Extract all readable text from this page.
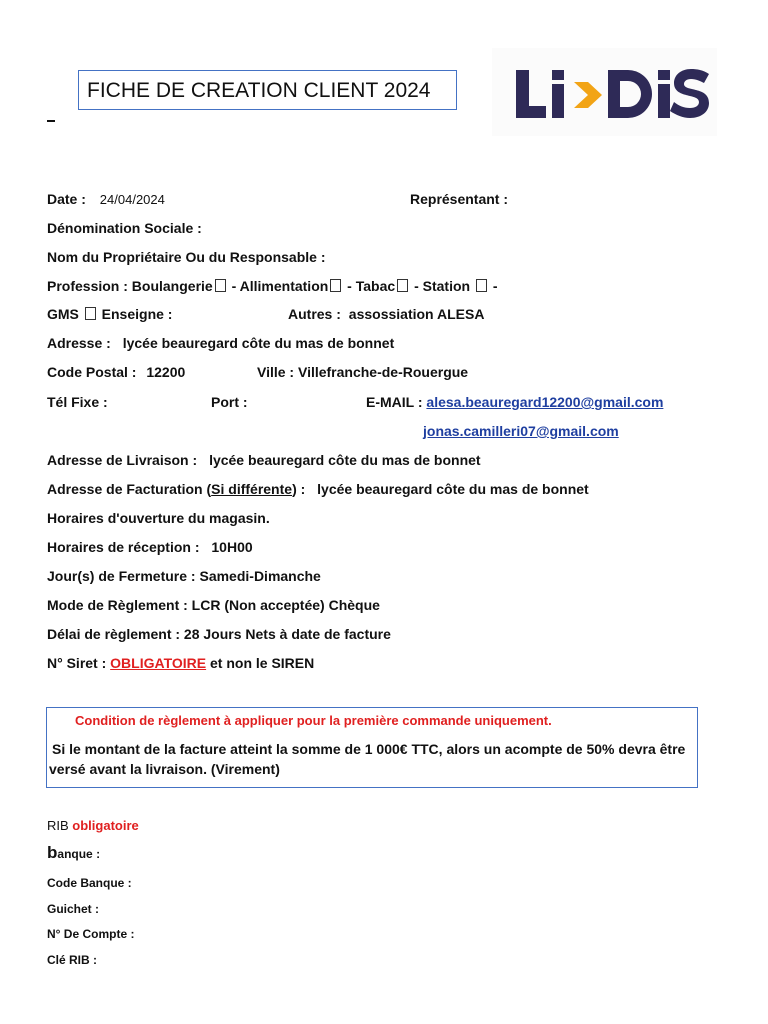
FICHE DE CREATION CLIENT 2024
Date : 24/04/2024	Représentant :
Dénomination Sociale :
Nom du Propriétaire Ou du Responsable :
Profession : Boulangerie - Allimentation - Tabac - Station  -
GMS Enseigne :	Autres : assossiation ALESA
Adresse : lycée beauregard côte du mas de bonnet
Code Postal : 12200	Ville : Villefranche-de-Rouergue
Tél Fixe :	Port :	E-MAIL : alesa.beauregard12200@gmail.com
jonas.camilleri07@gmail.com
Adresse de Livraison : lycée beauregard côte du mas de bonnet
Adresse de Facturation (Si différente) : lycée beauregard côte du mas de bonnet
Horaires d'ouverture du magasin.
Horaires de réception : 10H00
Jour(s) de Fermeture : Samedi-Dimanche
Mode de Règlement : LCR (Non acceptée) Chèque
Délai de règlement : 28 Jours Nets à date de facture
N° Siret : OBLIGATOIRE et non le SIREN
Condition de règlement à appliquer pour la première commande uniquement.
Si le montant de la facture atteint la somme de 1 000€ TTC, alors un acompte de 50% devra être
versé avant la livraison. (Virement)
RIB obligatoire
banque :
Code Banque :
Guichet :
N° De Compte :
Clé RIB :
